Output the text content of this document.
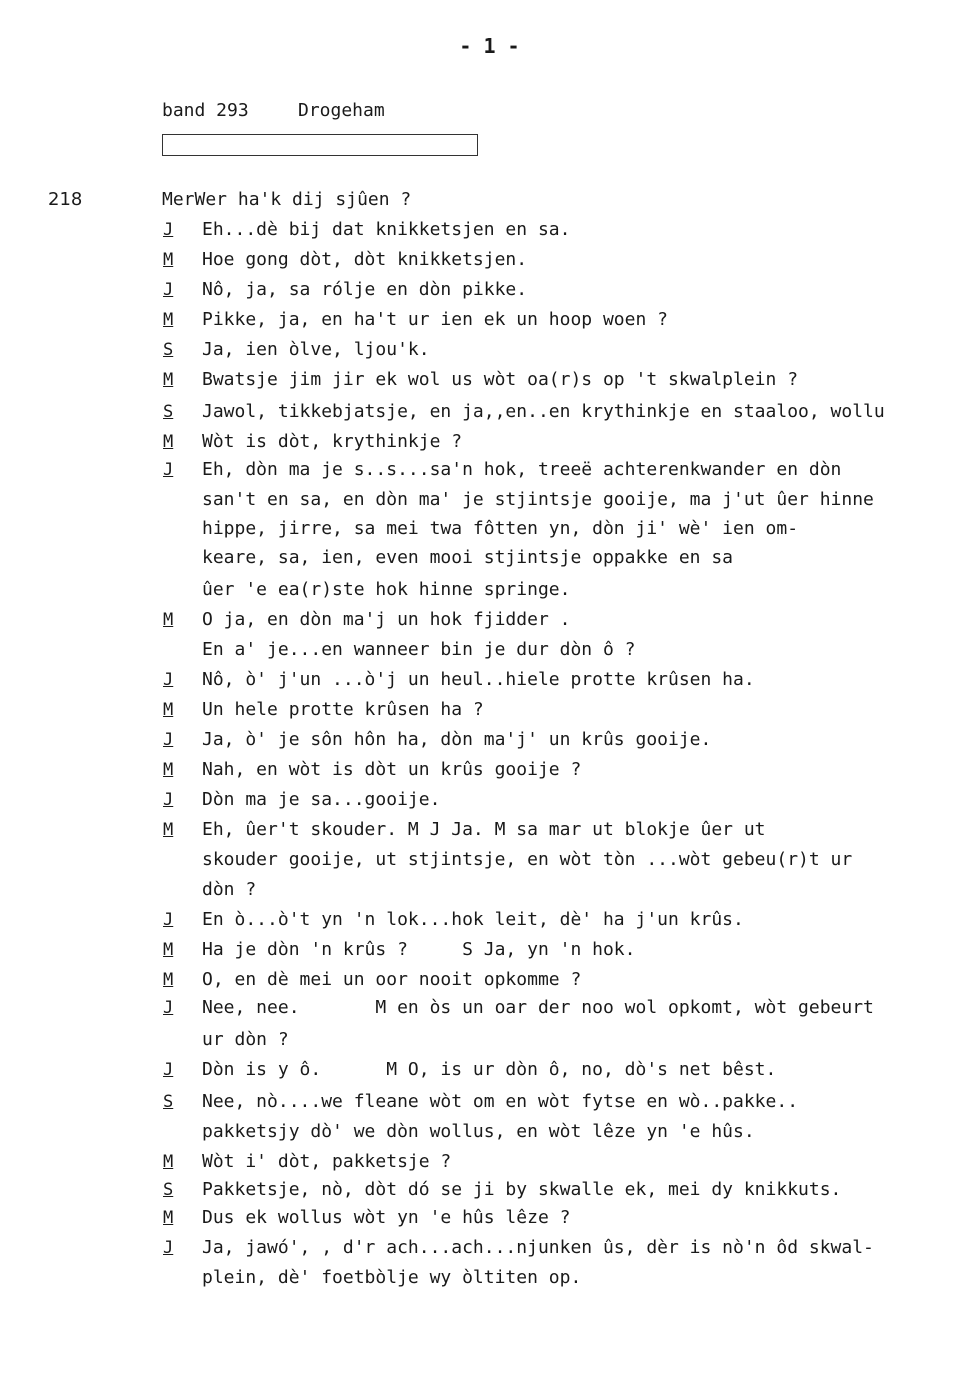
- 1 -
band 293	Drogeham
218	MerWer ha'k dij sjûen ?
J Eh...dè bij dat knikketsjen en sa.
M Hoe gong dòt, dòt knikketsjen.
J Nô, ja, sa rólje en dòn pikke.
M Pikke, ja, en ha't ur ien ek un hoop woen ?
S Ja, ien òlve, ljou'k.
M Bwatsje jim jir ek wol us wòt oa(r)s op 't skwalplein ?
S Jawol, tikkebjatsje, en ja,,en..en krythinkje en staaloo, wollu
M Wòt is dòt, krythinkje ?
J Eh, dòn ma je s..s...sa'n hok, treeë achterenkwander en dòn
san't en sa, en dòn ma' je stjintsje gooije, ma j'ut ûer hinne
hippe, jirre, sa mei twa fôtten yn, dòn ji' wè' ien om-
keare, sa, ien, even mooi stjintsje oppakke en sa
ûer 'e ea(r)ste hok hinne springe.
M O ja, en dòn ma'j un hok fjidder .
En a' je...en wanneer bin je dur dòn ô ?
J Nô, ò' j'un ...ò'j un heul..hiele protte krûsen ha.
M Un hele protte krûsen ha ?
J Ja, ò' je sôn hôn ha, dòn ma'j' un krûs gooije.
M Nah, en wòt is dòt un krûs gooije ?
J Dòn ma je sa...gooije.
M Eh, ûer't skouder. M J Ja. M sa mar ut blokje ûer ut
skouder gooije, ut stjintsje, en wòt tòn ...wòt gebeu(r)t ur
dòn ?
J En ò...ò't yn 'n lok...hok leit, dè' ha j'un krûs.
M Ha je dòn 'n krûs ?     S Ja, yn 'n hok.
M O, en dè mei un oor nooit opkomme ?
J Nee, nee.       M en òs un oar der noo wol opkomt, wòt gebeurt
ur dòn ?
J Dòn is y ô.      M O, is ur dòn ô, no, dò's net bêst.
S Nee, nò....we fleane wòt om en wòt fytse en wò..pakke..
pakketsjy dò' we dòn wollus, en wòt lêze yn 'e hûs.
M Wòt i' dòt, pakketsje ?
S Pakketsje, nò, dòt dó se ji by skwalle ek, mei dy knikkuts.
M Dus ek wollus wòt yn 'e hûs lêze ?
J Ja, jawó', , d'r ach...ach...njunken ûs, dèr is nò'n ôd skwal-
plein, dè' foetbòlje wy òltiten op.
